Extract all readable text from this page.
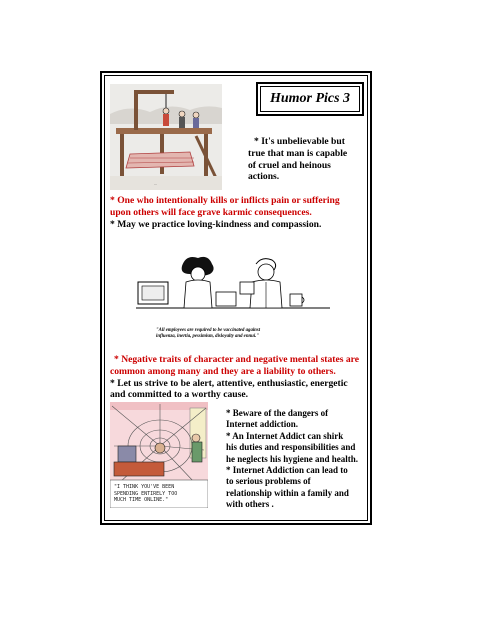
...
Humor Pics 3
* It's unbelievable but
true that man is capable
of cruel and heinous
actions.
* One who intentionally kills or inflicts pain or suffering
upon others will face grave karmic consequences.
* May we practice loving-kindness and compassion.
"All employees are required to be vaccinated against
influenza, inertia, pessimism, disloyalty and ennui."
* Negative traits of character and negative mental states are
common among many and they are a liability to others.
* Let us strive to be alert, attentive, enthusiastic, energetic
and committed to a worthy cause.
"I THINK YOU'VE BEEN
SPENDING ENTIRELY TOO
MUCH TIME ONLINE."
* Beware of the dangers of
Internet addiction.
* An Internet Addict can shirk
his duties and responsibilities and
he neglects his hygiene and health.
* Internet Addiction can lead to
to serious problems of
relationship within a family and
with others .
